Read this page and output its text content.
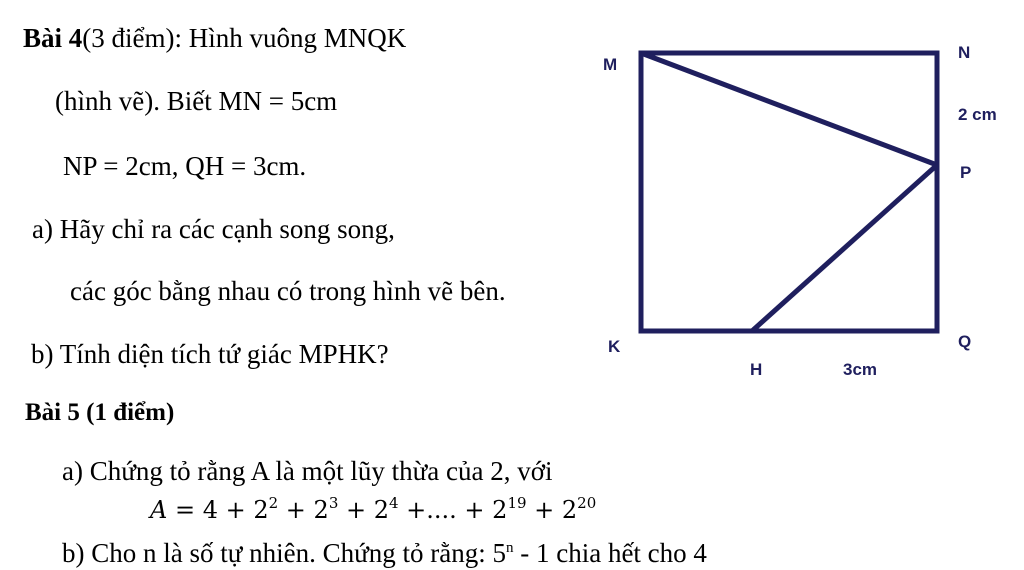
Bài 4(3 điểm): Hình vuông MNQK
(hình vẽ). Biết MN = 5cm
NP = 2cm, QH = 3cm.
a) Hãy chỉ ra các cạnh song song,
các góc bằng nhau có trong hình vẽ bên.
b) Tính diện tích tứ giác MPHK?
M
N
2 cm
P
K	Q
H	3cm
Bài 5 (1 điểm)
a) Chứng tỏ rằng A là một lũy thừa của 2, với
$A = 4 + 2^2 + 2^3 + 2^4$ +.... + $2^{19} + 2^{20}$
b) Cho n là số tự nhiên. Chứng tỏ rằng: 5$^n$ - 1 chia hết cho 4
